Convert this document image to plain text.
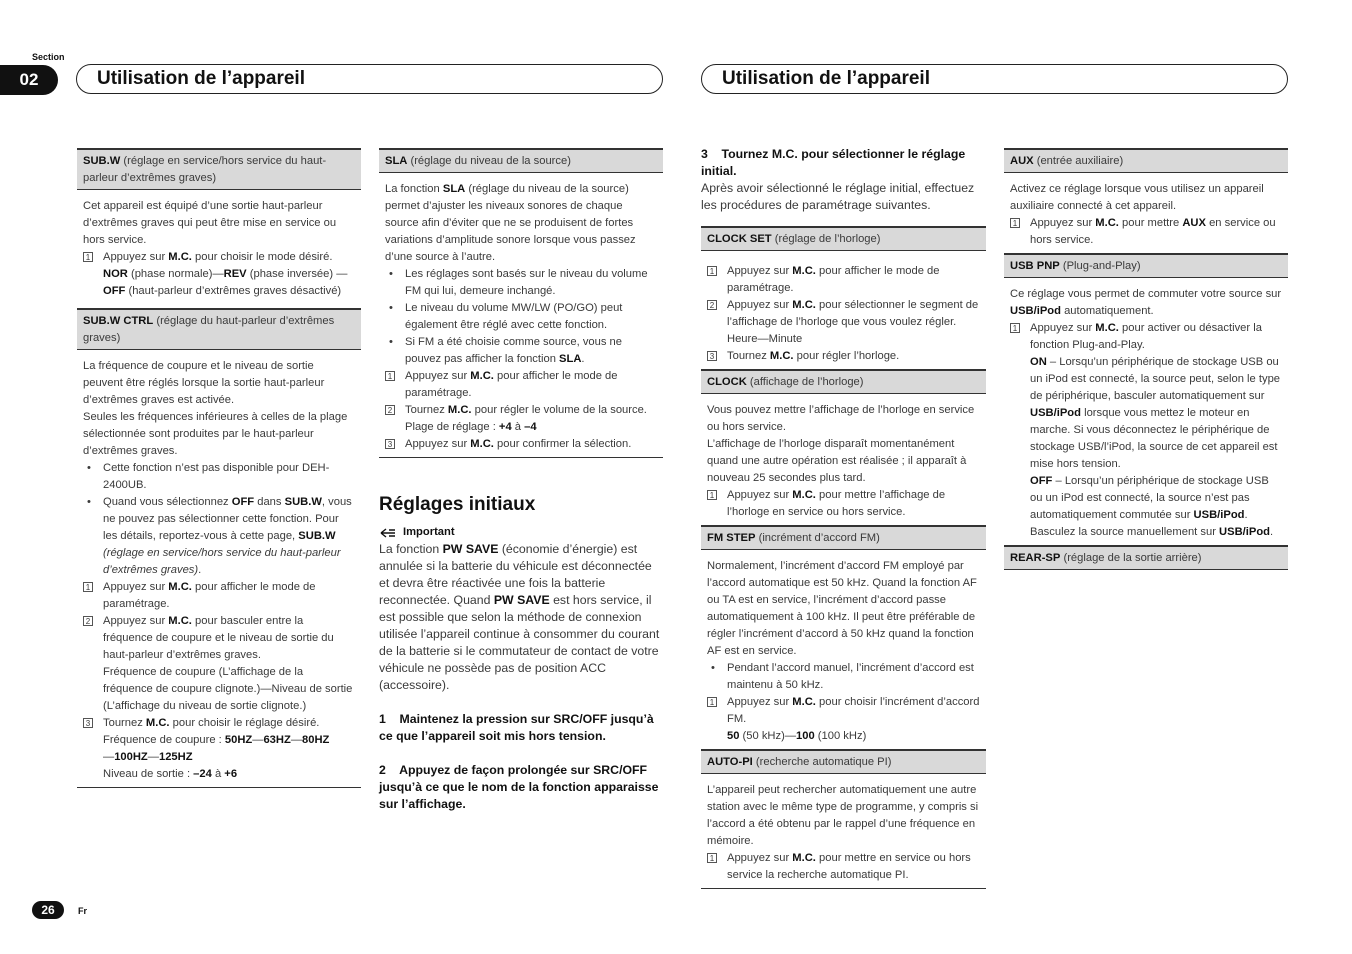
Section
02	Utilisation de l’appareil	Utilisation de l’appareil
SUB.W (réglage en service/hors service du haut-parleur d’extrêmes graves)

Cet appareil est équipé d’une sortie haut-parleur d’extrêmes graves qui peut être mise en service ou hors service.

1 Appuyez sur M.C. pour choisir le mode désiré.
NOR (phase normale)—REV (phase inversée) —OFF (haut-parleur d’extrêmes graves désactivé)
SUB.W CTRL (réglage du haut-parleur d’extrêmes graves)

La fréquence de coupure et le niveau de sortie peuvent être réglés lorsque la sortie haut-parleur d’extrêmes graves est activée.

Seules les fréquences inférieures à celles de la plage sélectionnée sont produites par le haut-parleur d’extrêmes graves.

• Cette fonction n’est pas disponible pour DEH-2400UB.
• Quand vous sélectionnez OFF dans SUB.W, vous ne pouvez pas sélectionner cette fonction. Pour les détails, reportez-vous à cette page, SUB.W (réglage en service/hors service du haut-parleur d’extrêmes graves).
1 Appuyez sur M.C. pour afficher le mode de paramétrage.
2 Appuyez sur M.C. pour basculer entre la fréquence de coupure et le niveau de sortie du haut-parleur d’extrêmes graves.
Fréquence de coupure (L’affichage de la fréquence de coupure clignote.)—Niveau de sortie (L’affichage du niveau de sortie clignote.)
3 Tournez M.C. pour choisir le réglage désiré.
Fréquence de coupure : 50HZ—63HZ—80HZ
—100HZ—125HZ
Niveau de sortie : –24 à +6
SLA (réglage du niveau de la source)

La fonction SLA (réglage du niveau de la source) permet d’ajuster les niveaux sonores de chaque source afin d’éviter que ne se produisent de fortes variations d’amplitude sonore lorsque vous passez d’une source à l’autre.

• Les réglages sont basés sur le niveau du volume FM qui lui, demeure inchangé.
• Le niveau du volume MW/LW (PO/GO) peut également être réglé avec cette fonction.
• Si FM a été choisie comme source, vous ne pouvez pas afficher la fonction SLA.
1 Appuyez sur M.C. pour afficher le mode de paramétrage.
2 Tournez M.C. pour régler le volume de la source.
Plage de réglage : +4 à –4
3 Appuyez sur M.C. pour confirmer la sélection.
Réglages initiaux
Important

La fonction PW SAVE (économie d’énergie) est annulée si la batterie du véhicule est déconnectée et devra être réactivée une fois la batterie reconnectée. Quand PW SAVE est hors service, il est possible que selon la méthode de connexion utilisée l’appareil continue à consommer du courant de la batterie si le commutateur de contact de votre véhicule ne possède pas de position ACC (accessoire).

1 Maintenez la pression sur SRC/OFF jusqu’à ce que l’appareil soit mis hors tension.
2 Appuyez de façon prolongée sur SRC/OFF jusqu’à ce que le nom de la fonction apparaisse sur l’affichage.
3 Tournez M.C. pour sélectionner le réglage initial.

Après avoir sélectionné le réglage initial, effectuez les procédures de paramétrage suivantes.

CLOCK SET (réglage de l’horloge)
1 Appuyez sur M.C. pour afficher le mode de paramétrage.
2 Appuyez sur M.C. pour sélectionner le segment de l’affichage de l’horloge que vous voulez régler.
Heure—Minute
3 Tournez M.C. pour régler l’horloge.
CLOCK (affichage de l’horloge)

Vous pouvez mettre l’affichage de l’horloge en service ou hors service.

L’affichage de l’horloge disparaît momentanément quand une autre opération est réalisée ; il apparaît à nouveau 25 secondes plus tard.

1 Appuyez sur M.C. pour mettre l’affichage de l’horloge en service ou hors service.
FM STEP (incrément d’accord FM)

Normalement, l’incrément d’accord FM employé par l’accord automatique est 50 kHz. Quand la fonction AF ou TA est en service, l’incrément d’accord passe automatiquement à 100 kHz. Il peut être préférable de régler l’incrément d’accord à 50 kHz quand la fonction AF est en service.

• Pendant l’accord manuel, l’incrément d’accord est maintenu à 50 kHz.
1 Appuyez sur M.C. pour choisir l’incrément d’accord FM.
50 (50 kHz)—100 (100 kHz)
AUTO-PI (recherche automatique PI)

L’appareil peut rechercher automatiquement une autre station avec le même type de programme, y compris si l’accord a été obtenu par le rappel d’une fréquence en mémoire.

1 Appuyez sur M.C. pour mettre en service ou hors service la recherche automatique PI.
AUX (entrée auxiliaire)

Activez ce réglage lorsque vous utilisez un appareil auxiliaire connecté à cet appareil.

1 Appuyez sur M.C. pour mettre AUX en service ou hors service.
USB PNP (Plug-and-Play)

Ce réglage vous permet de commuter votre source sur USB/iPod automatiquement.

1 Appuyez sur M.C. pour activer ou désactiver la fonction Plug-and-Play.
ON – Lorsqu’un périphérique de stockage USB ou un iPod est connecté, la source peut, selon le type de périphérique, basculer automatiquement sur USB/iPod lorsque vous mettez le moteur en marche. Si vous déconnectez le périphérique de stockage USB/l’iPod, la source de cet appareil est mise hors tension.
OFF – Lorsqu’un périphérique de stockage USB ou un iPod est connecté, la source n’est pas automatiquement commutée sur USB/iPod. Basculez la source manuellement sur USB/iPod.
REAR-SP (réglage de la sortie arrière)
26	Fr
